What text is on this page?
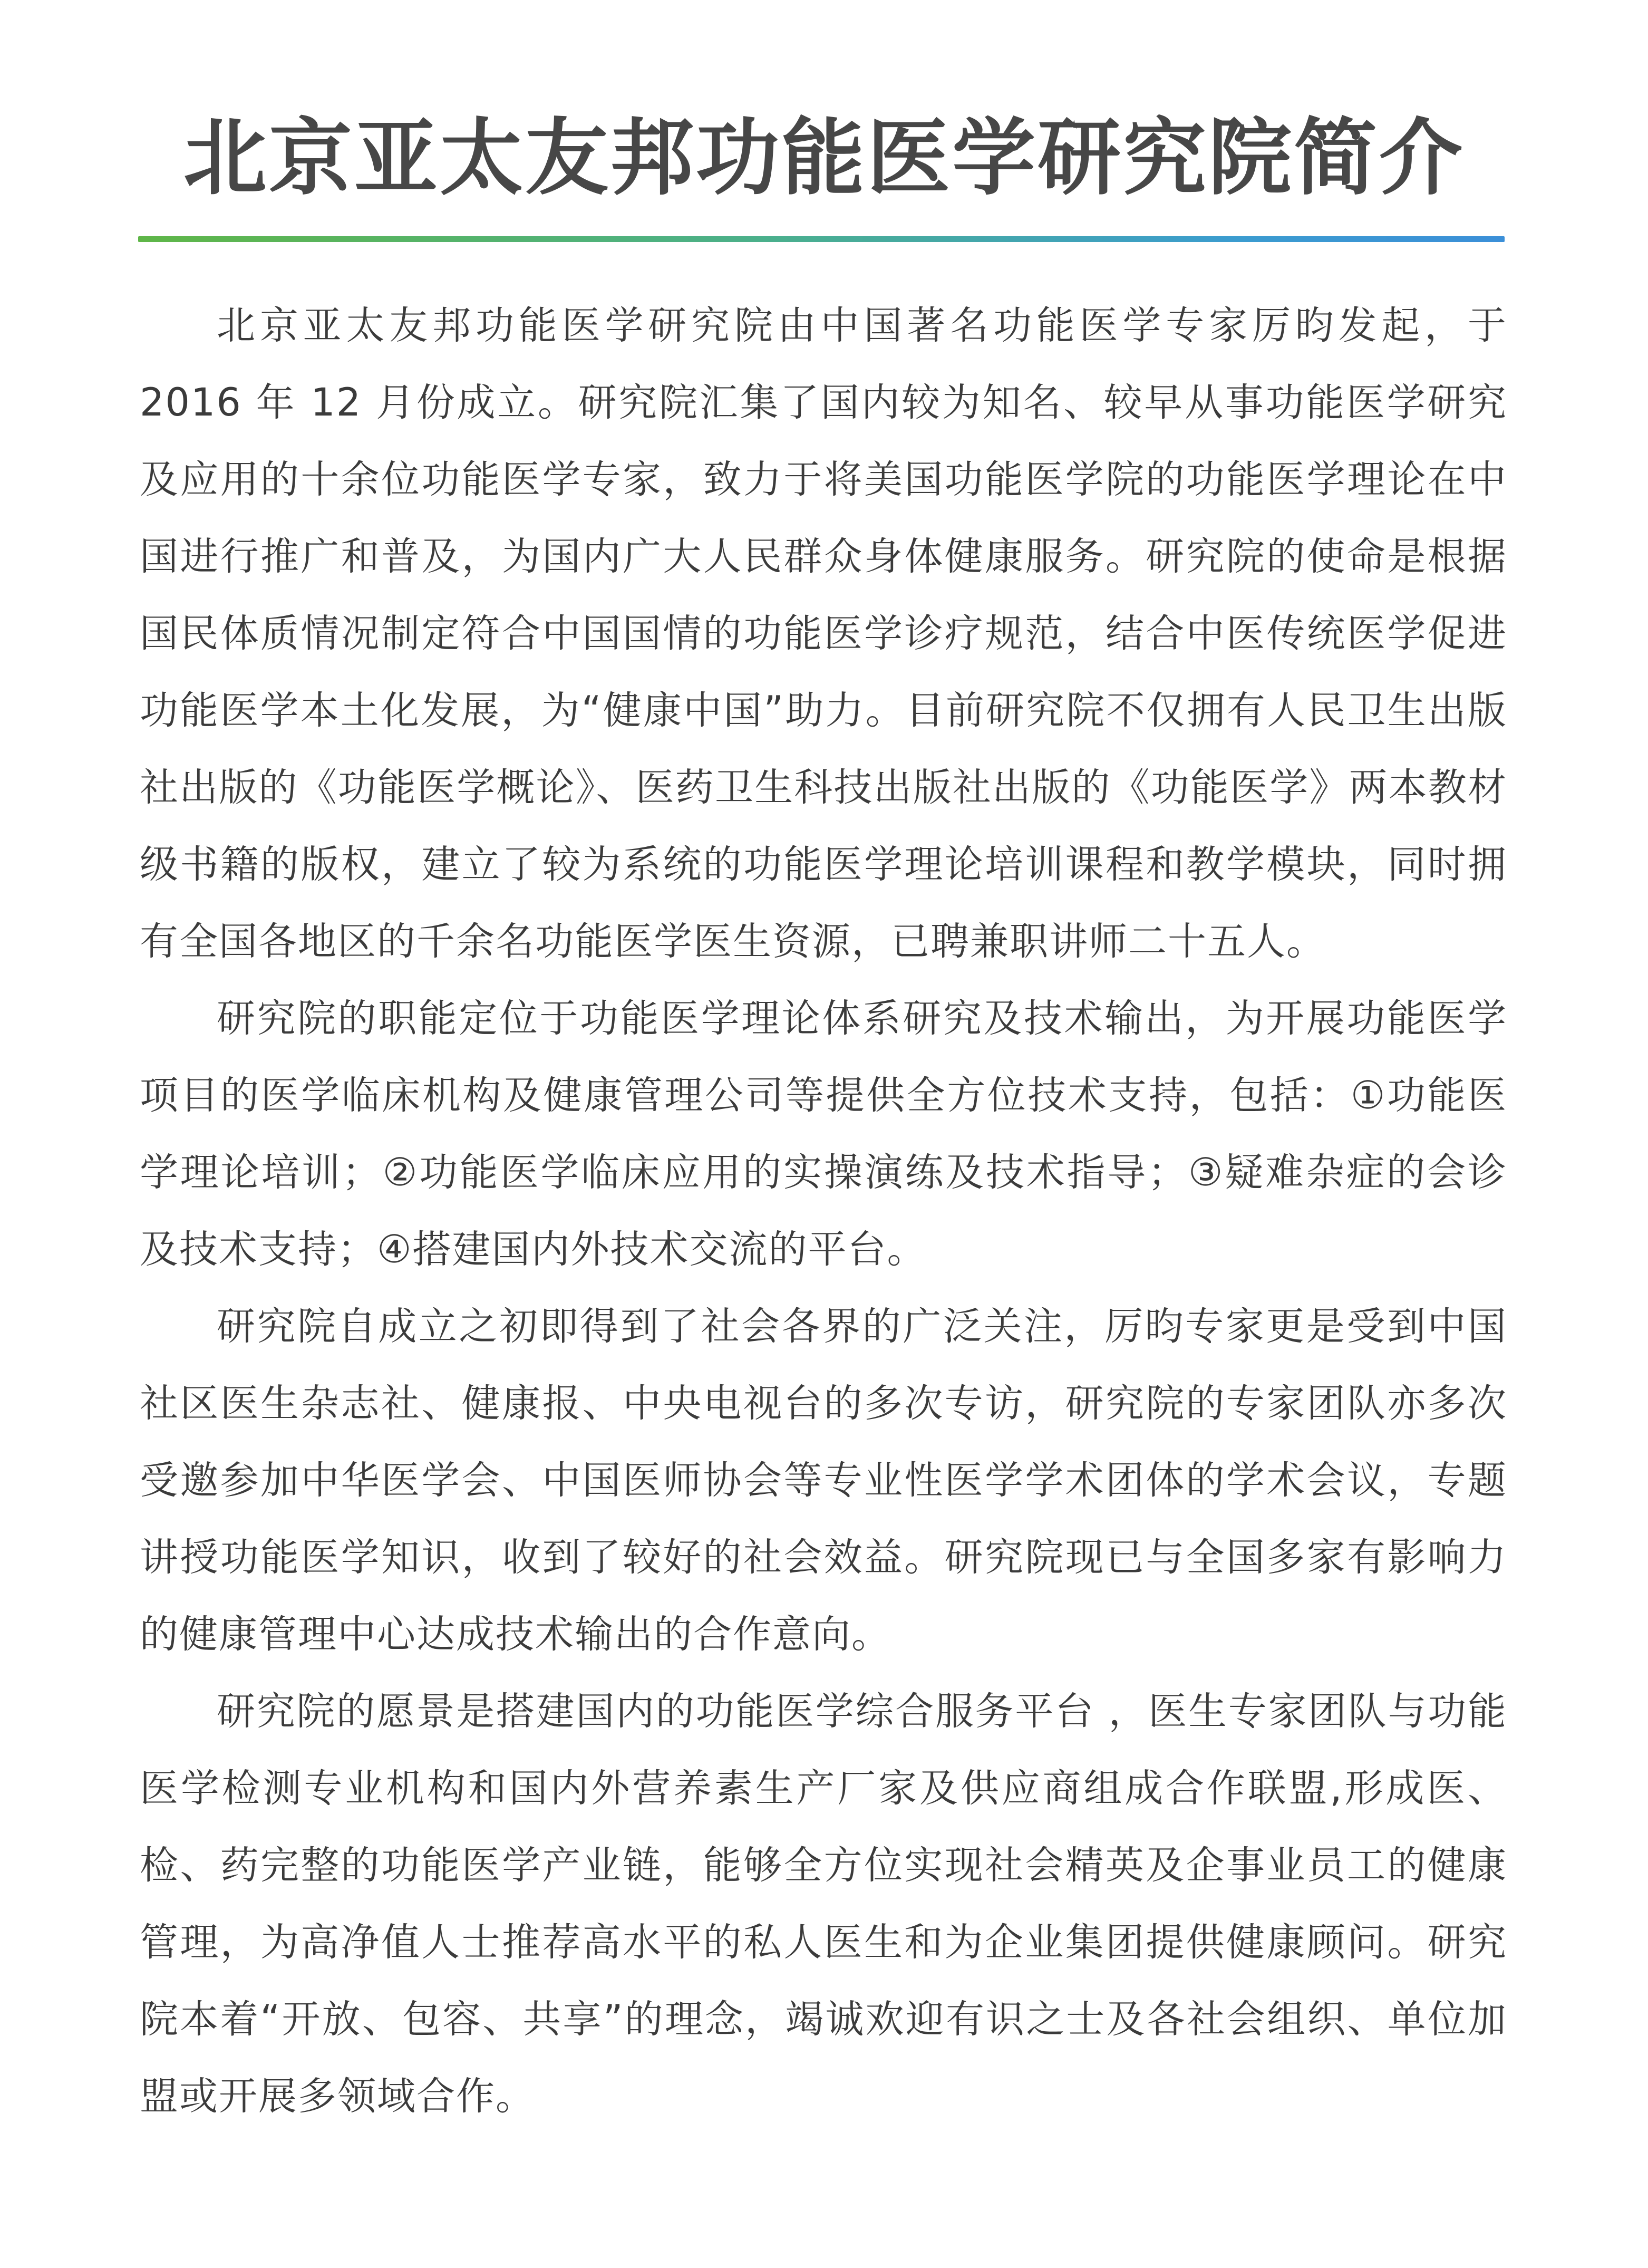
北京亚太友邦功能医学研究院简介

北京亚太友邦功能医学研究院由中国著名功能医学专家厉昀发起，于 2016 年 12 月份成立。研究院汇集了国内较为知名、较早从事功能医学研究及应用的十余位功能医学专家，致力于将美国功能医学院的功能医学理论在中国进行推广和普及，为国内广大人民群众身体健康服务。研究院的使命是根据国民体质情况制定符合中国国情的功能医学诊疗规范，结合中医传统医学促进功能医学本土化发展，为“健康中国”助力。目前研究院不仅拥有人民卫生出版社出版的《功能医学概论》、医药卫生科技出版社出版的《功能医学》两本教材级书籍的版权，建立了较为系统的功能医学理论培训课程和教学模块，同时拥有全国各地区的千余名功能医学医生资源，已聘兼职讲师二十五人。

研究院的职能定位于功能医学理论体系研究及技术输出，为开展功能医学项目的医学临床机构及健康管理公司等提供全方位技术支持，包括：①功能医学理论培训；②功能医学临床应用的实操演练及技术指导；③疑难杂症的会诊及技术支持；④搭建国内外技术交流的平台。

研究院自成立之初即得到了社会各界的广泛关注，厉昀专家更是受到中国社区医生杂志社、健康报、中央电视台的多次专访，研究院的专家团队亦多次受邀参加中华医学会、中国医师协会等专业性医学学术团体的学术会议，专题讲授功能医学知识，收到了较好的社会效益。研究院现已与全国多家有影响力的健康管理中心达成技术输出的合作意向。

研究院的愿景是搭建国内的功能医学综合服务平台 ，医生专家团队与功能医学检测专业机构和国内外营养素生产厂家及供应商组成合作联盟,形成医、检、药完整的功能医学产业链，能够全方位实现社会精英及企事业员工的健康管理，为高净值人士推荐高水平的私人医生和为企业集团提供健康顾问。研究院本着“开放、包容、共享”的理念，竭诚欢迎有识之士及各社会组织、单位加盟或开展多领域合作。
